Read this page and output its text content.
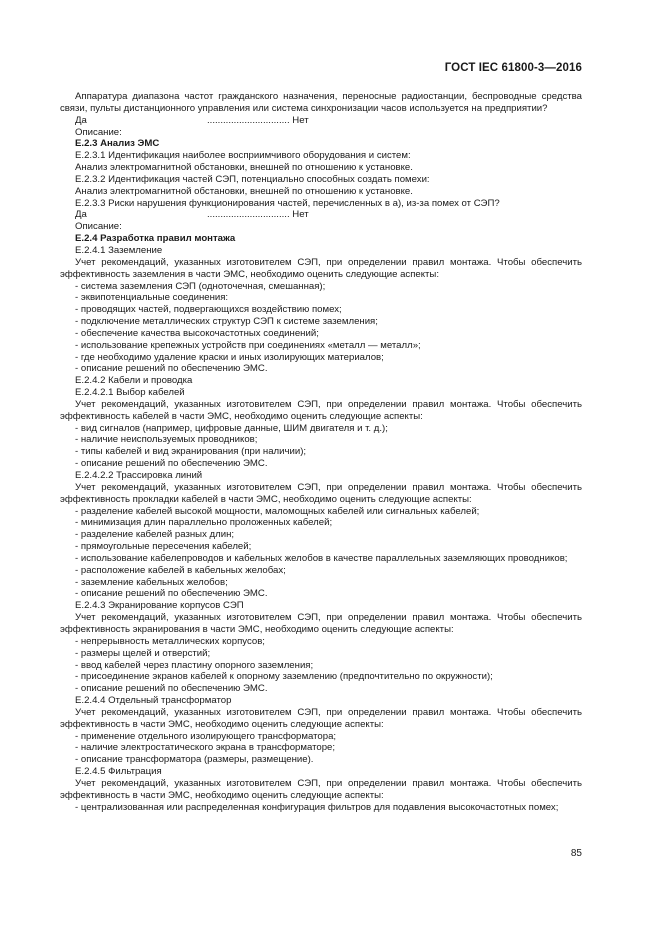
ГОСТ IEC 61800-3—2016

Аппаратура диапазона частот гражданского назначения, переносные радиостанции, беспроводные средства связи, пульты дистанционного управления или система синхронизации часов используется на предприятии?

Да	............................... Нет

Описание:

Е.2.3 Анализ ЭМС

Е.2.3.1 Идентификация наиболее восприимчивого оборудования и систем:

Анализ электромагнитной обстановки, внешней по отношению к установке.

Е.2.3.2 Идентификация частей СЭП, потенциально способных создать помехи:

Анализ электромагнитной обстановки, внешней по отношению к установке.

Е.2.3.3 Риски нарушения функционирования частей, перечисленных в а), из-за помех от СЭП?

Да	............................... Нет

Описание:

Е.2.4 Разработка правил монтажа

Е.2.4.1 Заземление

Учет рекомендаций, указанных изготовителем СЭП, при определении правил монтажа. Чтобы обеспечить эффективность заземления в части ЭМС, необходимо оценить следующие аспекты:

- система заземления СЭП (одноточечная, смешанная);

- эквипотенциальные соединения:

- проводящих частей, подвергающихся воздействию помех;

- подключение металлических структур СЭП к системе заземления;

- обеспечение качества высокочастотных соединений;

- использование крепежных устройств при соединениях «металл — металл»;

- где необходимо удаление краски и иных изолирующих материалов;

- описание решений по обеспечению ЭМС.

Е.2.4.2 Кабели и проводка

Е.2.4.2.1 Выбор кабелей

Учет рекомендаций, указанных изготовителем СЭП, при определении правил монтажа. Чтобы обеспечить эффективность кабелей в части ЭМС, необходимо оценить следующие аспекты:

- вид сигналов (например, цифровые данные, ШИМ двигателя и т. д.);

- наличие неиспользуемых проводников;

- типы кабелей и вид экранирования (при наличии);

- описание решений по обеспечению ЭМС.

Е.2.4.2.2 Трассировка линий

Учет рекомендаций, указанных изготовителем СЭП, при определении правил монтажа. Чтобы обеспечить эффективность прокладки кабелей в части ЭМС, необходимо оценить следующие аспекты:

- разделение кабелей высокой мощности, маломощных кабелей или сигнальных кабелей;

- минимизация длин параллельно проложенных кабелей;

- разделение кабелей разных длин;

- прямоугольные пересечения кабелей;

- использование кабелепроводов и кабельных желобов в качестве параллельных заземляющих проводников;

- расположение кабелей в кабельных желобах;

- заземление кабельных желобов;

- описание решений по обеспечению ЭМС.

Е.2.4.3 Экранирование корпусов СЭП

Учет рекомендаций, указанных изготовителем СЭП, при определении правил монтажа. Чтобы обеспечить эффективность экранирования в части ЭМС, необходимо оценить следующие аспекты:

- непрерывность металлических корпусов;

- размеры щелей и отверстий;

- ввод кабелей через пластину опорного заземления;

- присоединение экранов кабелей к опорному заземлению (предпочтительно по окружности);

- описание решений по обеспечению ЭМС.

Е.2.4.4 Отдельный трансформатор

Учет рекомендаций, указанных изготовителем СЭП, при определении правил монтажа. Чтобы обеспечить эффективность в части ЭМС, необходимо оценить следующие аспекты:

- применение отдельного изолирующего трансформатора;

- наличие электростатического экрана в трансформаторе;

- описание трансформатора (размеры, размещение).

Е.2.4.5 Фильтрация

Учет рекомендаций, указанных изготовителем СЭП, при определении правил монтажа. Чтобы обеспечить эффективность в части ЭМС, необходимо оценить следующие аспекты:

- централизованная или распределенная конфигурация фильтров для подавления высокочастотных помех;

85
